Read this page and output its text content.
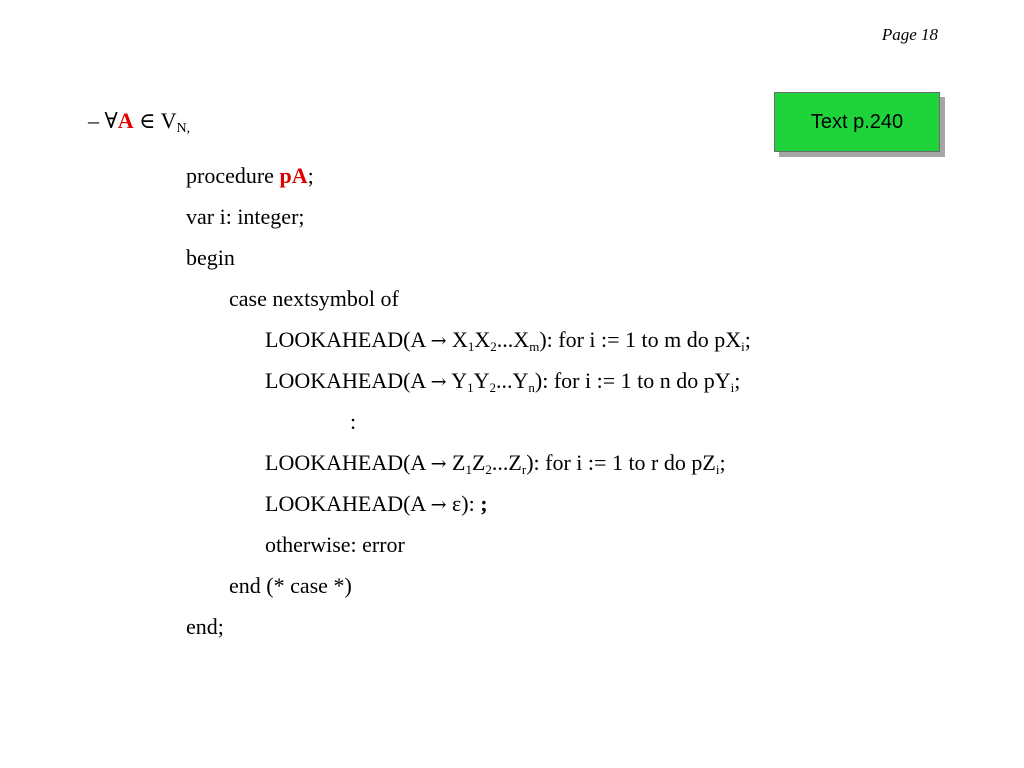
Page 18
– ∀A ∈ $V_{N,}$	Text p.240
procedure pA;
var i: integer;
begin
case nextsymbol of
LOOKAHEAD(A → $X_1X_2...X_m$): for i := 1 to m do $pX_i$;
LOOKAHEAD(A → $Y_1Y_2...Y_n$): for i := 1 to n do $pY_i$;
:
LOOKAHEAD(A → $Z_1Z_2...Z_r$): for i := 1 to r do $pZ_i$;
LOOKAHEAD(A → ε): ;
otherwise: error
end (* case *)
end;
